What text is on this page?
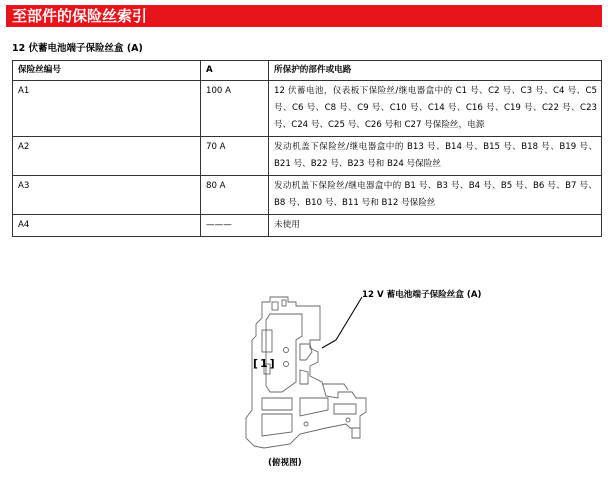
至部件的保险丝索引
12 伏蓄电池端子保险丝盒 (A)
保险丝编号	A	所保护的部件或电路
A1	100 A	12 伏蓄电池，仪表板下保险丝/继电器盒中的 C1 号、C2 号、C3 号、C4 号、C5 号、C6 号、C8 号、C9 号、C10 号、C14 号、C16 号、C19 号、C22 号、C23 号、C24 号、C25 号、C26 号和 C27 号保险丝，电源
A2	70 A	发动机盖下保险丝/继电器盒中的 B13 号、B14 号、B15 号、B18 号、B19 号、B21 号、B22 号、B23 号和 B24 号保险丝
A3	80 A	发动机盖下保险丝/继电器盒中的 B1 号、B3 号、B4 号、B5 号、B6 号、B7 号、B8 号、B10 号、B11 号和 B12 号保险丝
A4	———	未使用
[1]
12 V 蓄电池端子保险丝盒 (A)
(俯视图)
